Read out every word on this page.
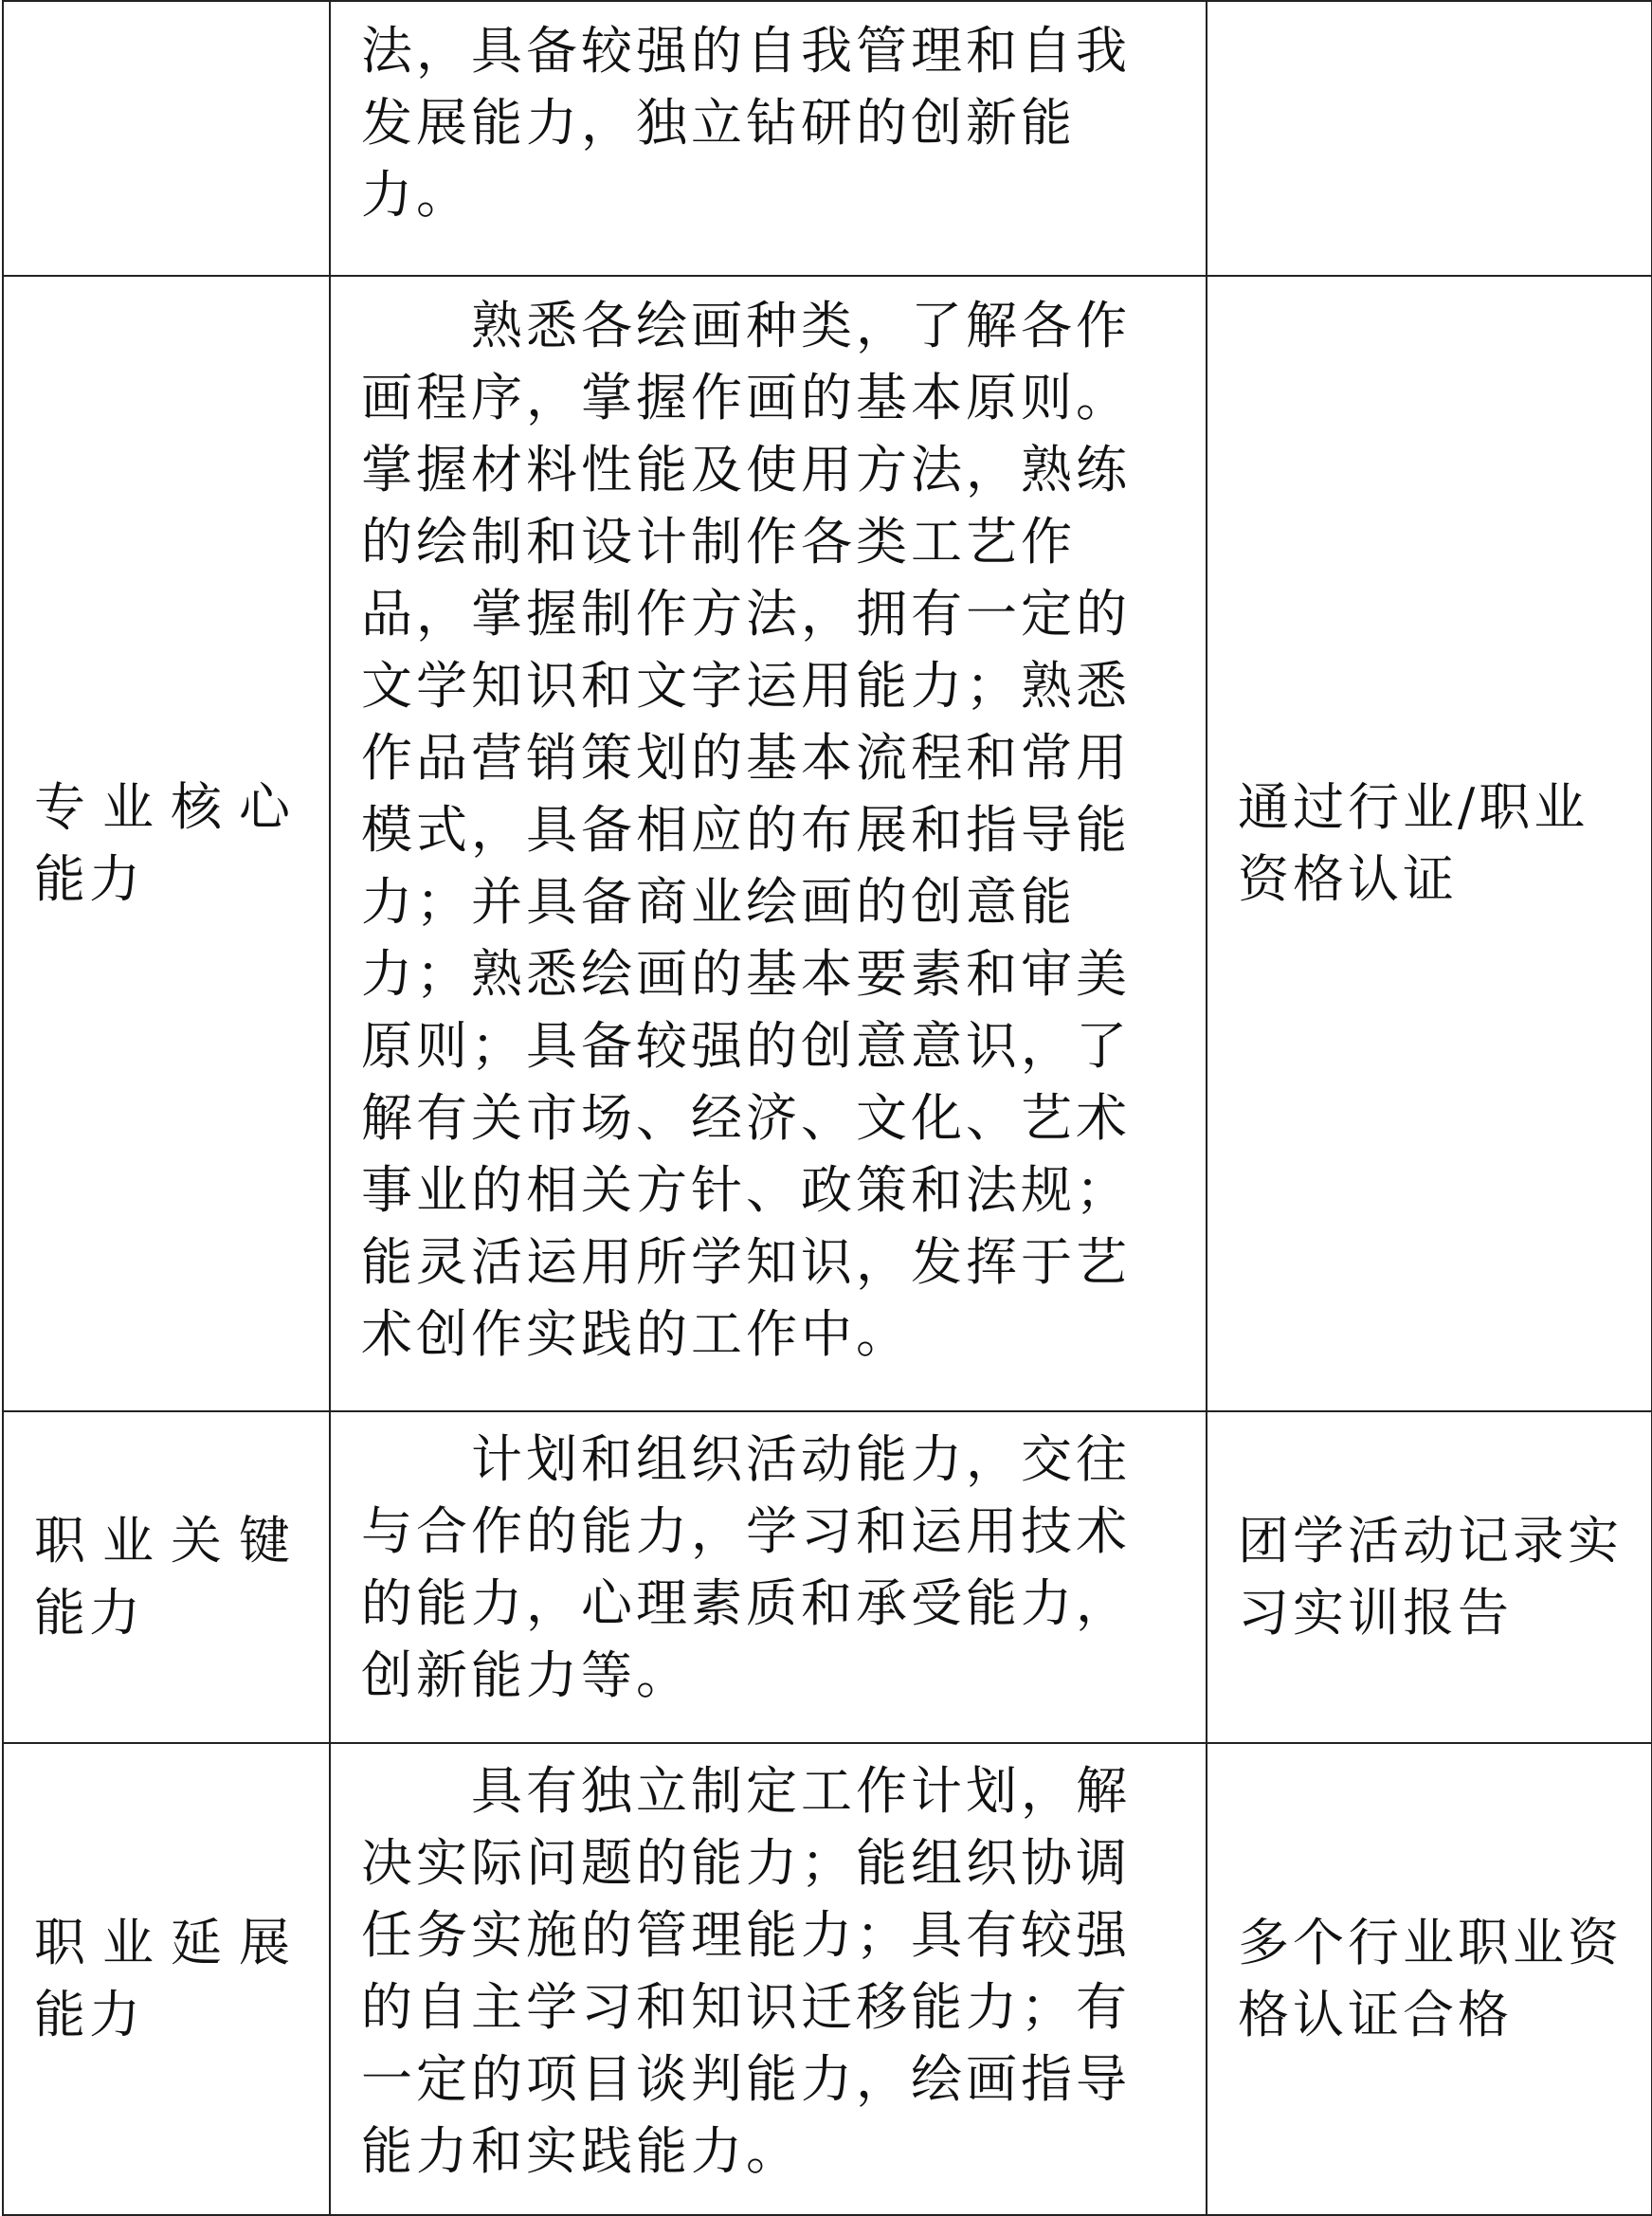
	法，具备较强的自我管理和自我发展能力，独立钻研的创新能力。	

专业核心
能力	熟悉各绘画种类，了解各作画程序，掌握作画的基本原则。掌握材料性能及使用方法，熟练的绘制和设计制作各类工艺作品，掌握制作方法，拥有一定的文学知识和文字运用能力；熟悉作品营销策划的基本流程和常用模式，具备相应的布展和指导能力；并具备商业绘画的创意能力；熟悉绘画的基本要素和审美原则；具备较强的创意意识，了解有关市场、经济、文化、艺术事业的相关方针、政策和法规；能灵活运用所学知识，发挥于艺术创作实践的工作中。	通过行业/职业资格认证

职业关键
能力	计划和组织活动能力，交往与合作的能力，学习和运用技术的能力，心理素质和承受能力，创新能力等。	团学活动记录实习实训报告

职业延展
能力	具有独立制定工作计划，解决实际问题的能力；能组织协调任务实施的管理能力；具有较强的自主学习和知识迁移能力；有一定的项目谈判能力，绘画指导能力和实践能力。	多个行业职业资格认证合格
